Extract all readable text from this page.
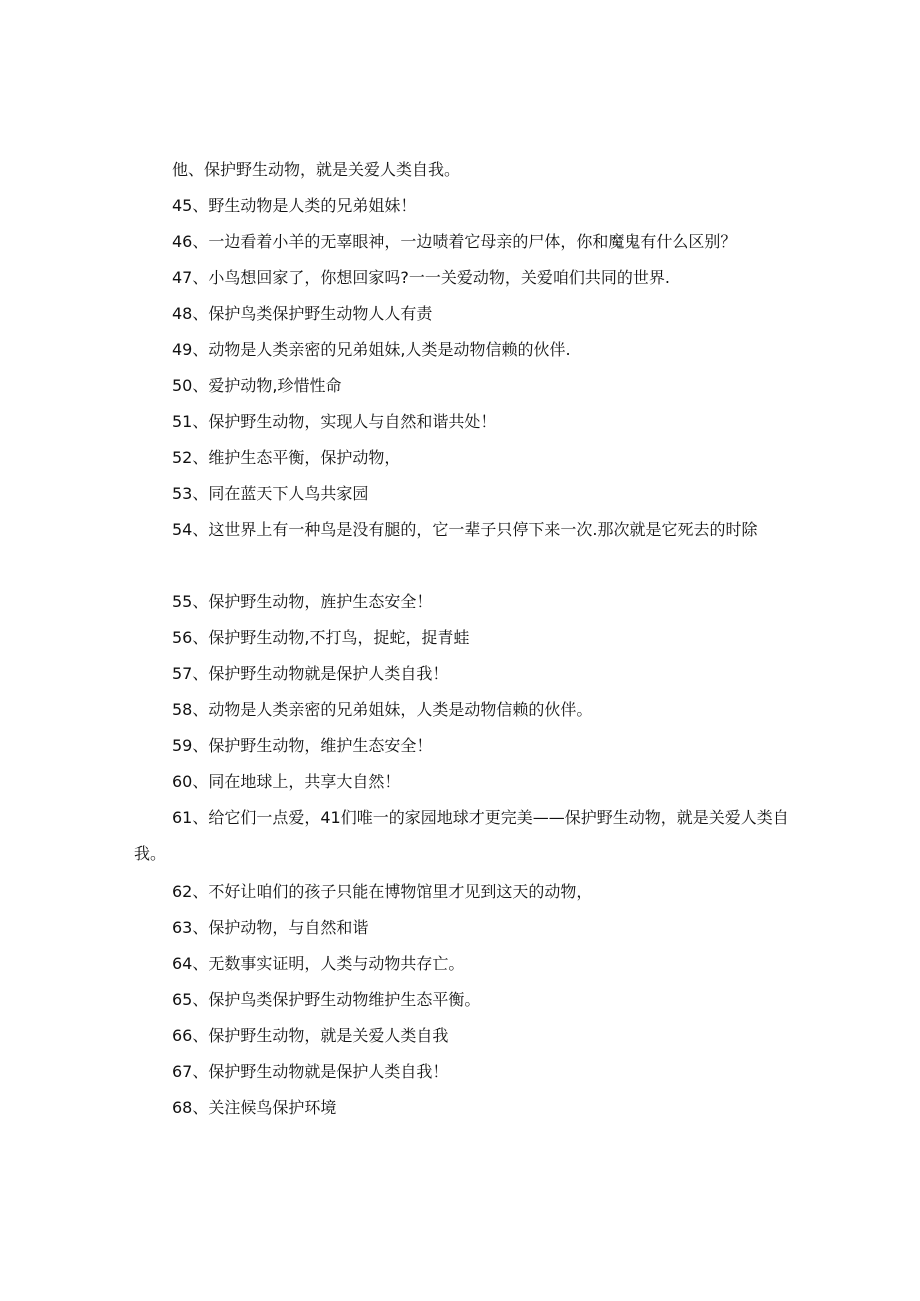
他、保护野生动物，就是关爱人类自我。

45、野生动物是人类的兄弟姐妹！

46、一边看着小羊的无辜眼神，一边啧着它母亲的尸体，你和魔鬼有什么区别？

47、小鸟想回家了，你想回家吗?一一关爱动物，关爱咱们共同的世界.

48、保护鸟类保护野生动物人人有责

49、动物是人类亲密的兄弟姐妹,人类是动物信赖的伙伴.

50、爱护动物,珍惜性命

51、保护野生动物，实现人与自然和谐共处！

52、维护生态平衡，保护动物，

53、同在蓝天下人鸟共家园

54、这世界上有一种鸟是没有腿的，它一辈子只停下来一次.那次就是它死去的时除

55、保护野生动物，旌护生态安全！

56、保护野生动物,不打鸟，捉蛇，捉青蛙

57、保护野生动物就是保护人类自我！

58、动物是人类亲密的兄弟姐妹，人类是动物信赖的伙伴。

59、保护野生动物，维护生态安全！

60、同在地球上，共享大自然！

61、给它们一点爱，41们唯一的家园地球才更完美——保护野生动物，就是关爱人类自我。

62、不好让咱们的孩子只能在博物馆里才见到这天的动物，

63、保护动物，与自然和谐

64、无数事实证明，人类与动物共存亡。

65、保护鸟类保护野生动物维护生态平衡。

66、保护野生动物，就是关爱人类自我

67、保护野生动物就是保护人类自我！

68、关注候鸟保护环境
